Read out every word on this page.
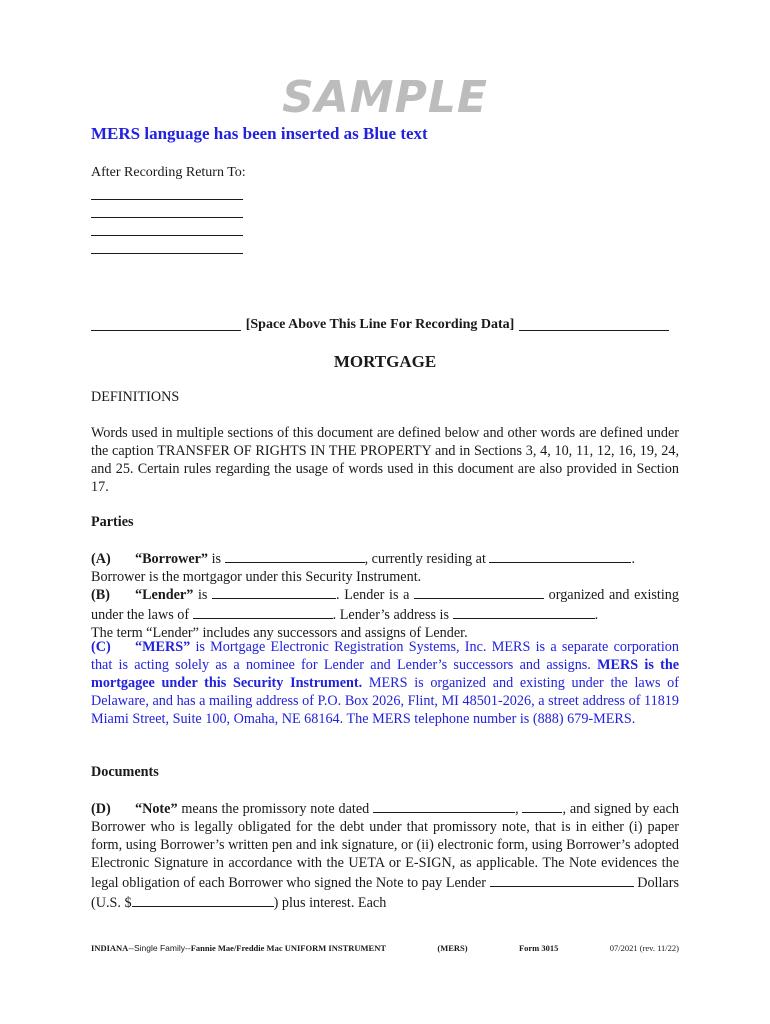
SAMPLE
MERS language has been inserted as Blue text
After Recording Return To:
[Space Above This Line For Recording Data]
MORTGAGE
DEFINITIONS
Words used in multiple sections of this document are defined below and other words are defined under the caption TRANSFER OF RIGHTS IN THE PROPERTY and in Sections 3, 4, 10, 11, 12, 16, 19, 24, and 25. Certain rules regarding the usage of words used in this document are also provided in Section 17.
Parties
(A) “Borrower” is	, currently residing at	.
Borrower is the mortgagor under this Security Instrument.
(B) “Lender” is	. Lender is a	organized and existing under the laws of	. Lender’s address is	.
The term “Lender” includes any successors and assigns of Lender.
(C) “MERS” is Mortgage Electronic Registration Systems, Inc. MERS is a separate corporation that is acting solely as a nominee for Lender and Lender’s successors and assigns. MERS is the mortgagee under this Security Instrument. MERS is organized and existing under the laws of Delaware, and has a mailing address of P.O. Box 2026, Flint, MI 48501-2026, a street address of 11819 Miami Street, Suite 100, Omaha, NE 68164. The MERS telephone number is (888) 679-MERS.
Documents
(D) “Note” means the promissory note dated	,	, and signed by each Borrower who is legally obligated for the debt under that promissory note, that is in either (i) paper form, using Borrower’s written pen and ink signature, or (ii) electronic form, using Borrower’s adopted Electronic Signature in accordance with the UETA or E-SIGN, as applicable. The Note evidences the legal obligation of each Borrower who signed the Note to pay Lender	Dollars (U.S. $	) plus interest. Each
INDIANA--Single Family--Fannie Mae/Freddie Mac UNIFORM INSTRUMENT	(MERS)	Form 3015	07/2021 (rev. 11/22)
